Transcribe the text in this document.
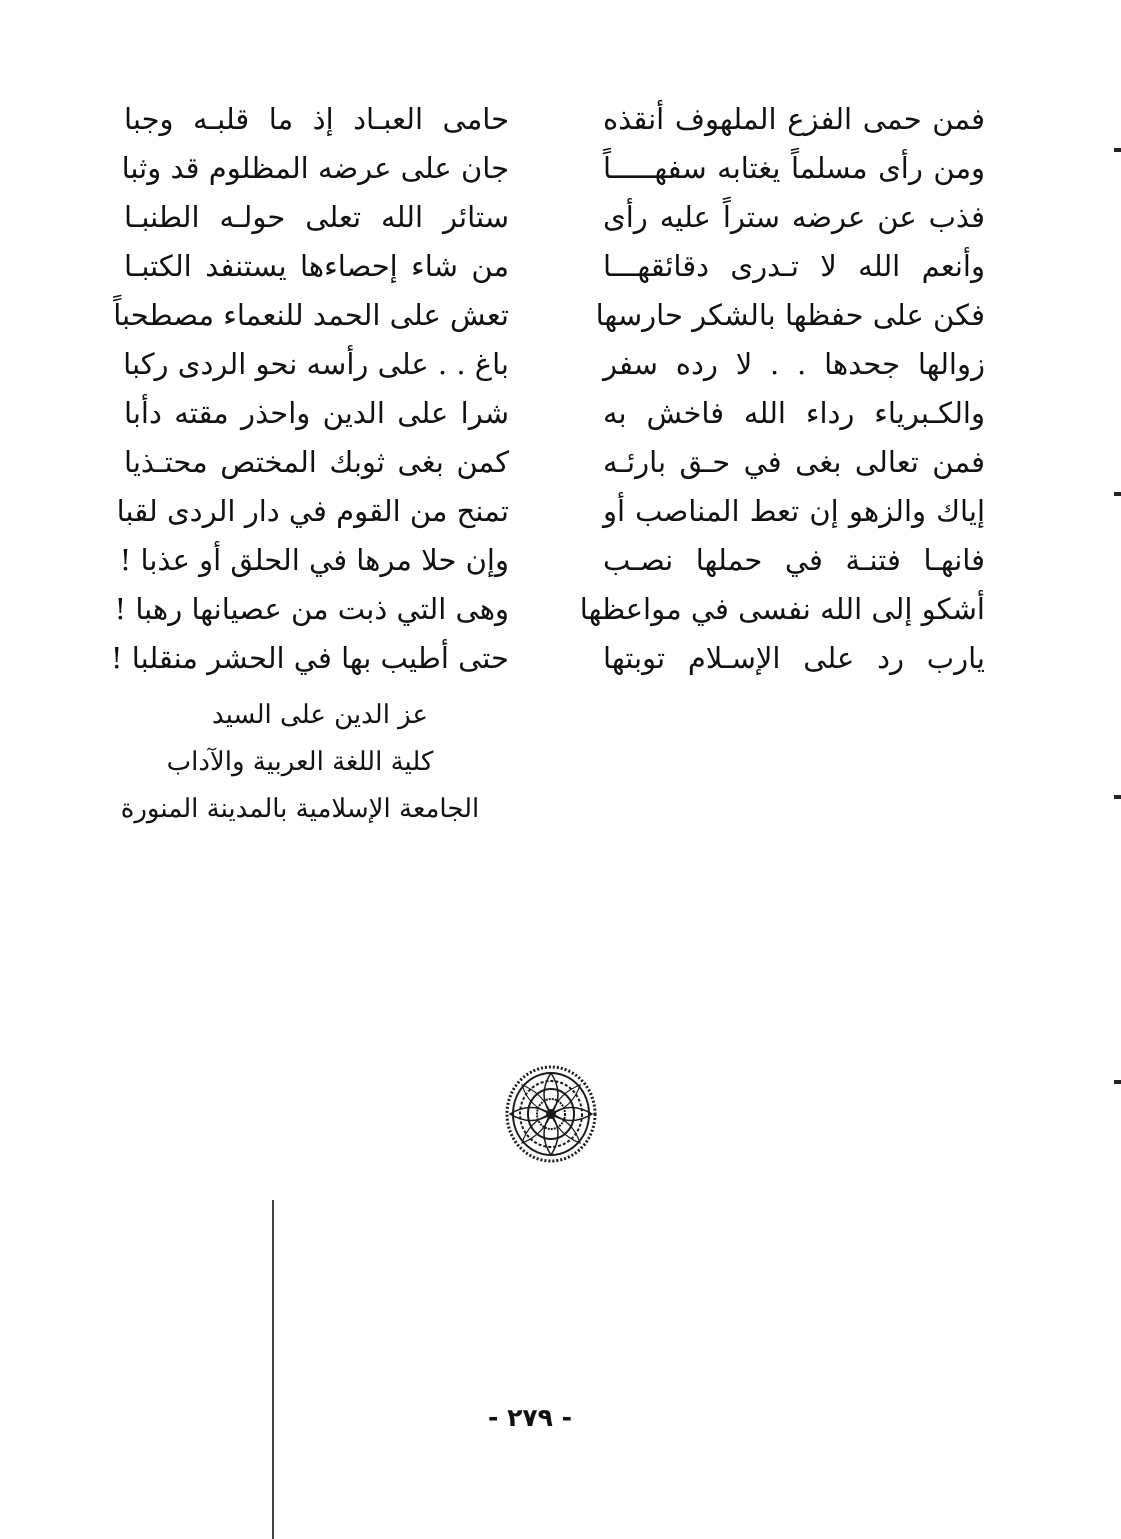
فمن حمى الفزع الملهوف أنقذه
ومن رأى مسلماً يغتابه سفهـــــاً
فذب عن عرضه ستراً عليه رأى
وأنعم الله لا تـدرى دقائقهـــا
فكن على حفظها بالشكر حارسها
زوالها جحدها . . لا رده سفر
والكـبرياء رداء الله فاخش به
فمن تعالى بغى في حـق بارئـه
إياك والزهو إن تعط المناصب أو
فانهـا فتنـة في حملها نصـب
أشكو إلى الله نفسى في مواعظها
يارب رد على الإسـلام توبتها
حامى العبـاد إذ ما قلبـه وجبا
جان على عرضه المظلوم قد وثبا
ستائر الله تعلى حولـه الطنبـا
من شاء إحصاءها يستنفد الكتبـا
تعش على الحمد للنعماء مصطحباً
باغ . . على رأسه نحو الردى ركبا
شرا على الدين واحذر مقته دأبا
كمن بغى ثوبك المختص محتـذيا
تمنح من القوم في دار الردى لقبا
وإن حلا مرها في الحلق أو عذبا !
وهى التي ذبت من عصيانها رهبا !
حتى أطيب بها في الحشر منقلبا !
عز الدين على السيد
كلية اللغة العربية والآداب
الجامعة الإسلامية بالمدينة المنورة
- ٢٧٩ -
